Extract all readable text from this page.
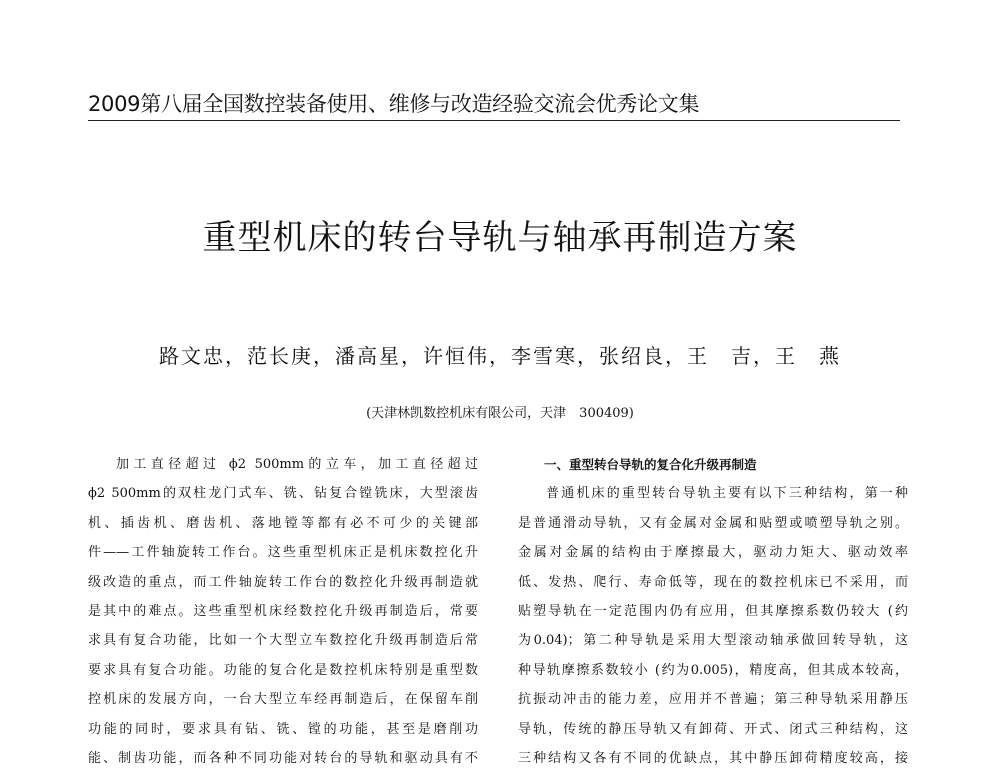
2009第八届全国数控装备使用、维修与改造经验交流会优秀论文集
重型机床的转台导轨与轴承再制造方案
路文忠，范长庚，潘高星，许恒伟，李雪寒，张绍良，王　吉，王　燕
(天津林凯数控机床有限公司，天津　300409)
加工直径超过 ϕ2 500mm的立车，加工直径超过
ϕ2 500mm的双柱龙门式车、铣、钻复合镗铣床，大型滚齿
机、插齿机、磨齿机、落地镗等都有必不可少的关键部
件——工件轴旋转工作台。这些重型机床正是机床数控化升
级改造的重点，而工件轴旋转工作台的数控化升级再制造就
是其中的难点。这些重型机床经数控化升级再制造后，常要
求具有复合功能，比如一个大型立车数控化升级再制造后常
要求具有复合功能。功能的复合化是数控机床特别是重型数
控机床的发展方向，一台大型立车经再制造后，在保留车削
功能的同时，要求具有钻、铣、镗的功能，甚至是磨削功
能、制齿功能，而各种不同功能对转台的导轨和驱动具有不
一、重型转台导轨的复合化升级再制造
普通机床的重型转台导轨主要有以下三种结构，第一种
是普通滑动导轨，又有金属对金属和贴塑或喷塑导轨之别。
金属对金属的结构由于摩擦最大，驱动力矩大、驱动效率
低、发热、爬行、寿命低等，现在的数控机床已不采用，而
贴塑导轨在一定范围内仍有应用，但其摩擦系数仍较大 (约
为0.04)；第二种导轨是采用大型滚动轴承做回转导轨，这
种导轨摩擦系数较小 (约为0.005)，精度高，但其成本较高，
抗振动冲击的能力差，应用并不普遍；第三种导轨采用静压
导轨，传统的静压导轨又有卸荷、开式、闭式三种结构，这
三种结构又各有不同的优缺点，其中静压卸荷精度较高，接
